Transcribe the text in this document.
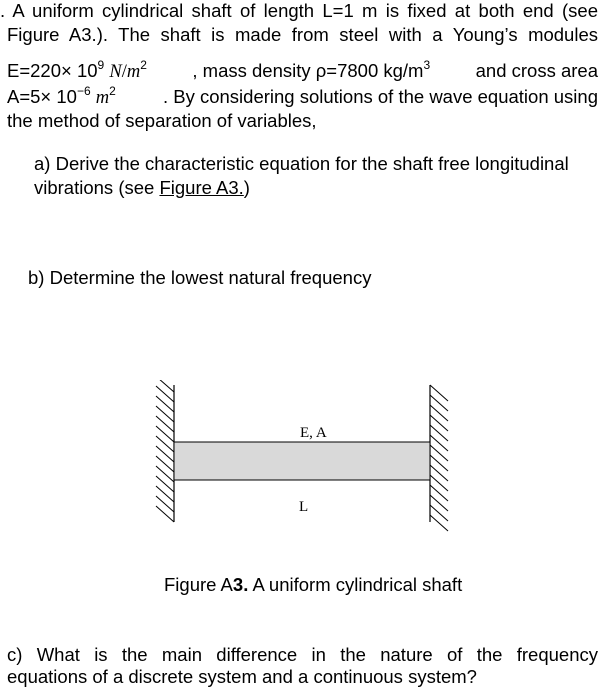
. A uniform cylindrical shaft of length L=1 m is fixed at both end (see
Figure A3.). The shaft is made from steel with a Young’s modules
$E=220\times 10^9$ $N/m^2$ , mass density ρ=7800 $kg/m^3$ and cross area
$A=5\times 10^{-6}$ $m^2$	. By considering solutions of the wave equation using
the method of separation of variables,
a) Derive the characteristic equation for the shaft free longitudinal
vibrations (see Figure A3.)
b) Determine the lowest natural frequency
E, A
L
Figure A3. A uniform cylindrical shaft
c) What is the main difference in the nature of the frequency
equations of a discrete system and a continuous system?
